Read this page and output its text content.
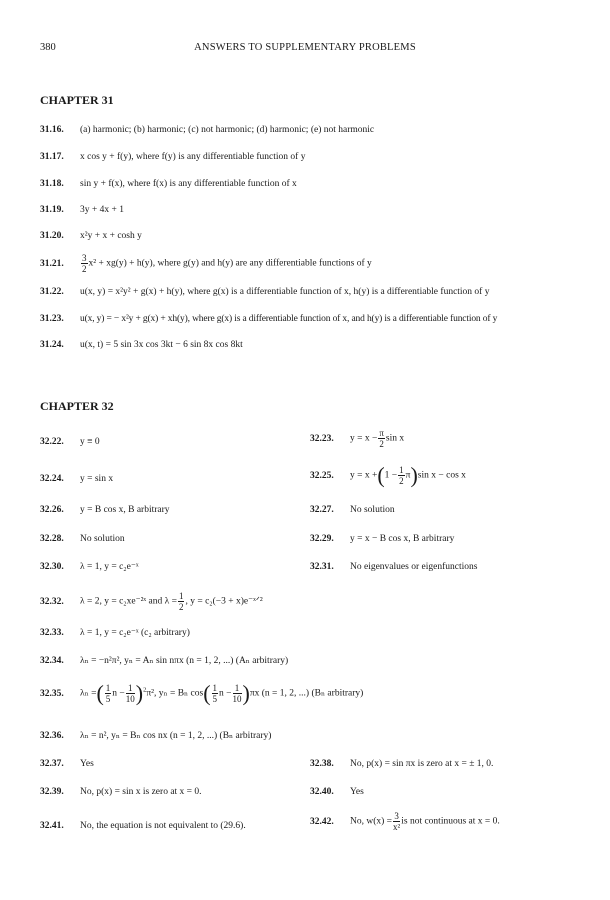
380	ANSWERS TO SUPPLEMENTARY PROBLEMS
CHAPTER 31
31.16. (a) harmonic; (b) harmonic; (c) not harmonic; (d) harmonic; (e) not harmonic
31.17. x cos y + f(y), where f(y) is any differentiable function of y
31.18. sin y + f(x), where f(x) is any differentiable function of x
31.19. 3y + 4x + 1
31.20. x²y + x + cosh y
31.21. $\frac{3}{2} x^2 + xg(y) + h(y)$, where g(y) and h(y) are any differentiable functions of y
31.22. u(x, y) = x²y² + g(x) + h(y), where g(x) is a differentiable function of x, h(y) is a differentiable function of y
31.23. u(x, y) = − x²y + g(x) + xh(y), where g(x) is a differentiable function of x, and h(y) is a differentiable function of y
31.24. u(x, t) = 5 sin 3x cos 3kt − 6 sin 8x cos 8kt
CHAPTER 32
32.22. y ≡ 0	32.23. $y = x - \frac{\pi}{2}$ sin x
32.24. y = sin x	32.25. $y = x +(1 - \frac{1}{2} \pi)\sin$ x − cos x
32.26. y = B cos x, B arbitrary	32.27. No solution
32.28. No solution	32.29. y = x − B cos x, B arbitrary
32.30. λ = 1, y = c₂e⁻ˣ	32.31. No eigenvalues or eigenfunctions
32.32. λ = 2, y = c₂xe⁻²ˣ and $\lambda = \frac{1}{2}$ , y = c₂(−3 + x)e⁻ˣᐟ²
32.33. λ = 1, y = c₂e⁻ˣ (c₂ arbitrary)
32.34. λₙ = −n²π², yₙ = Aₙ sin nπx (n = 1, 2, ...) (Aₙ arbitrary)
32.35. λₙ =( $\frac{1}{5}$ $n - \frac{1}{10} )^2\pi^2$, yₙ = Bₙ $\cos( \frac{1}{5}$ $n - \frac{1}{10} )\pi x$ (n = 1, 2, ...) (Bₙ arbitrary)
32.36. λₙ = n², yₙ = Bₙ cos nx (n = 1, 2, ...) (Bₙ arbitrary)
32.37. Yes	32.38. No, p(x) = sin πx is zero at x = ± 1, 0.
32.39. No, p(x) = sin x is zero at x = 0.	32.40. Yes
32.41. No, the equation is not equivalent to (29.6).	32.42. No, $w(x) = \frac{3}{\text{x²}}$ is not continuous at x = 0.
